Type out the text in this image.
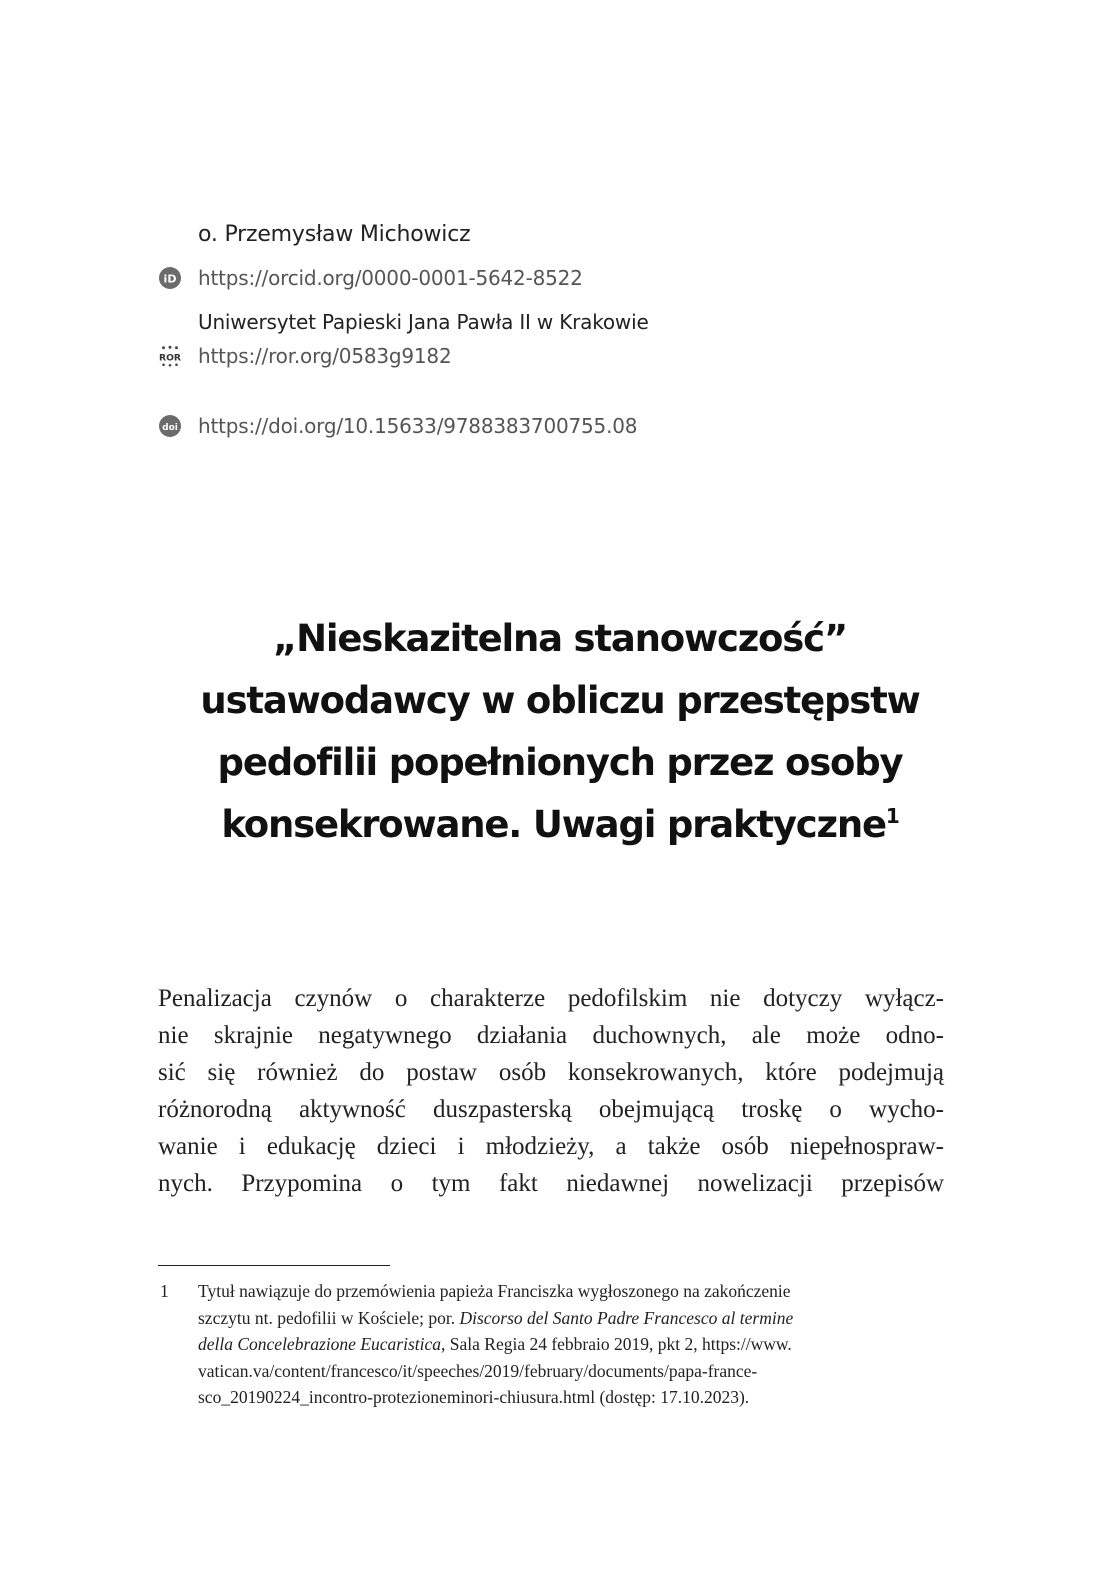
o. Przemysław Michowicz
iD https://orcid.org/0000-0001-5642-8522
Uniwersytet Papieski Jana Pawła II w Krakowie
ROR https://ror.org/0583g9182
doi https://doi.org/10.15633/9788383700755.08
„Nieskazitelna stanowczość”
ustawodawcy w obliczu przestępstw
pedofilii popełnionych przez osoby
konsekrowane. Uwagi praktyczne$^1$

Penalizacja czynów o charakterze pedofilskim nie dotyczy wyłącz-
nie skrajnie negatywnego działania duchownych, ale może odno-
sić się również do postaw osób konsekrowanych, które podejmują
różnorodną aktywność duszpasterską obejmującą troskę o wycho-
wanie i edukację dzieci i młodzieży, a także osób niepełnospraw-
nych. Przypomina o tym fakt niedawnej nowelizacji przepisów

1 Tytuł nawiązuje do przemówienia papieża Franciszka wygłoszonego na zakończenie
szczytu nt. pedofilii w Kościele; por. Discorso del Santo Padre Francesco al termine
della Concelebrazione Eucaristica, Sala Regia 24 febbraio 2019, pkt 2, https://www.
vatican.va/content/francesco/it/speeches/2019/february/documents/papa-france-
sco_20190224_incontro-protezioneminori-chiusura.html (dostęp: 17.10.2023).
